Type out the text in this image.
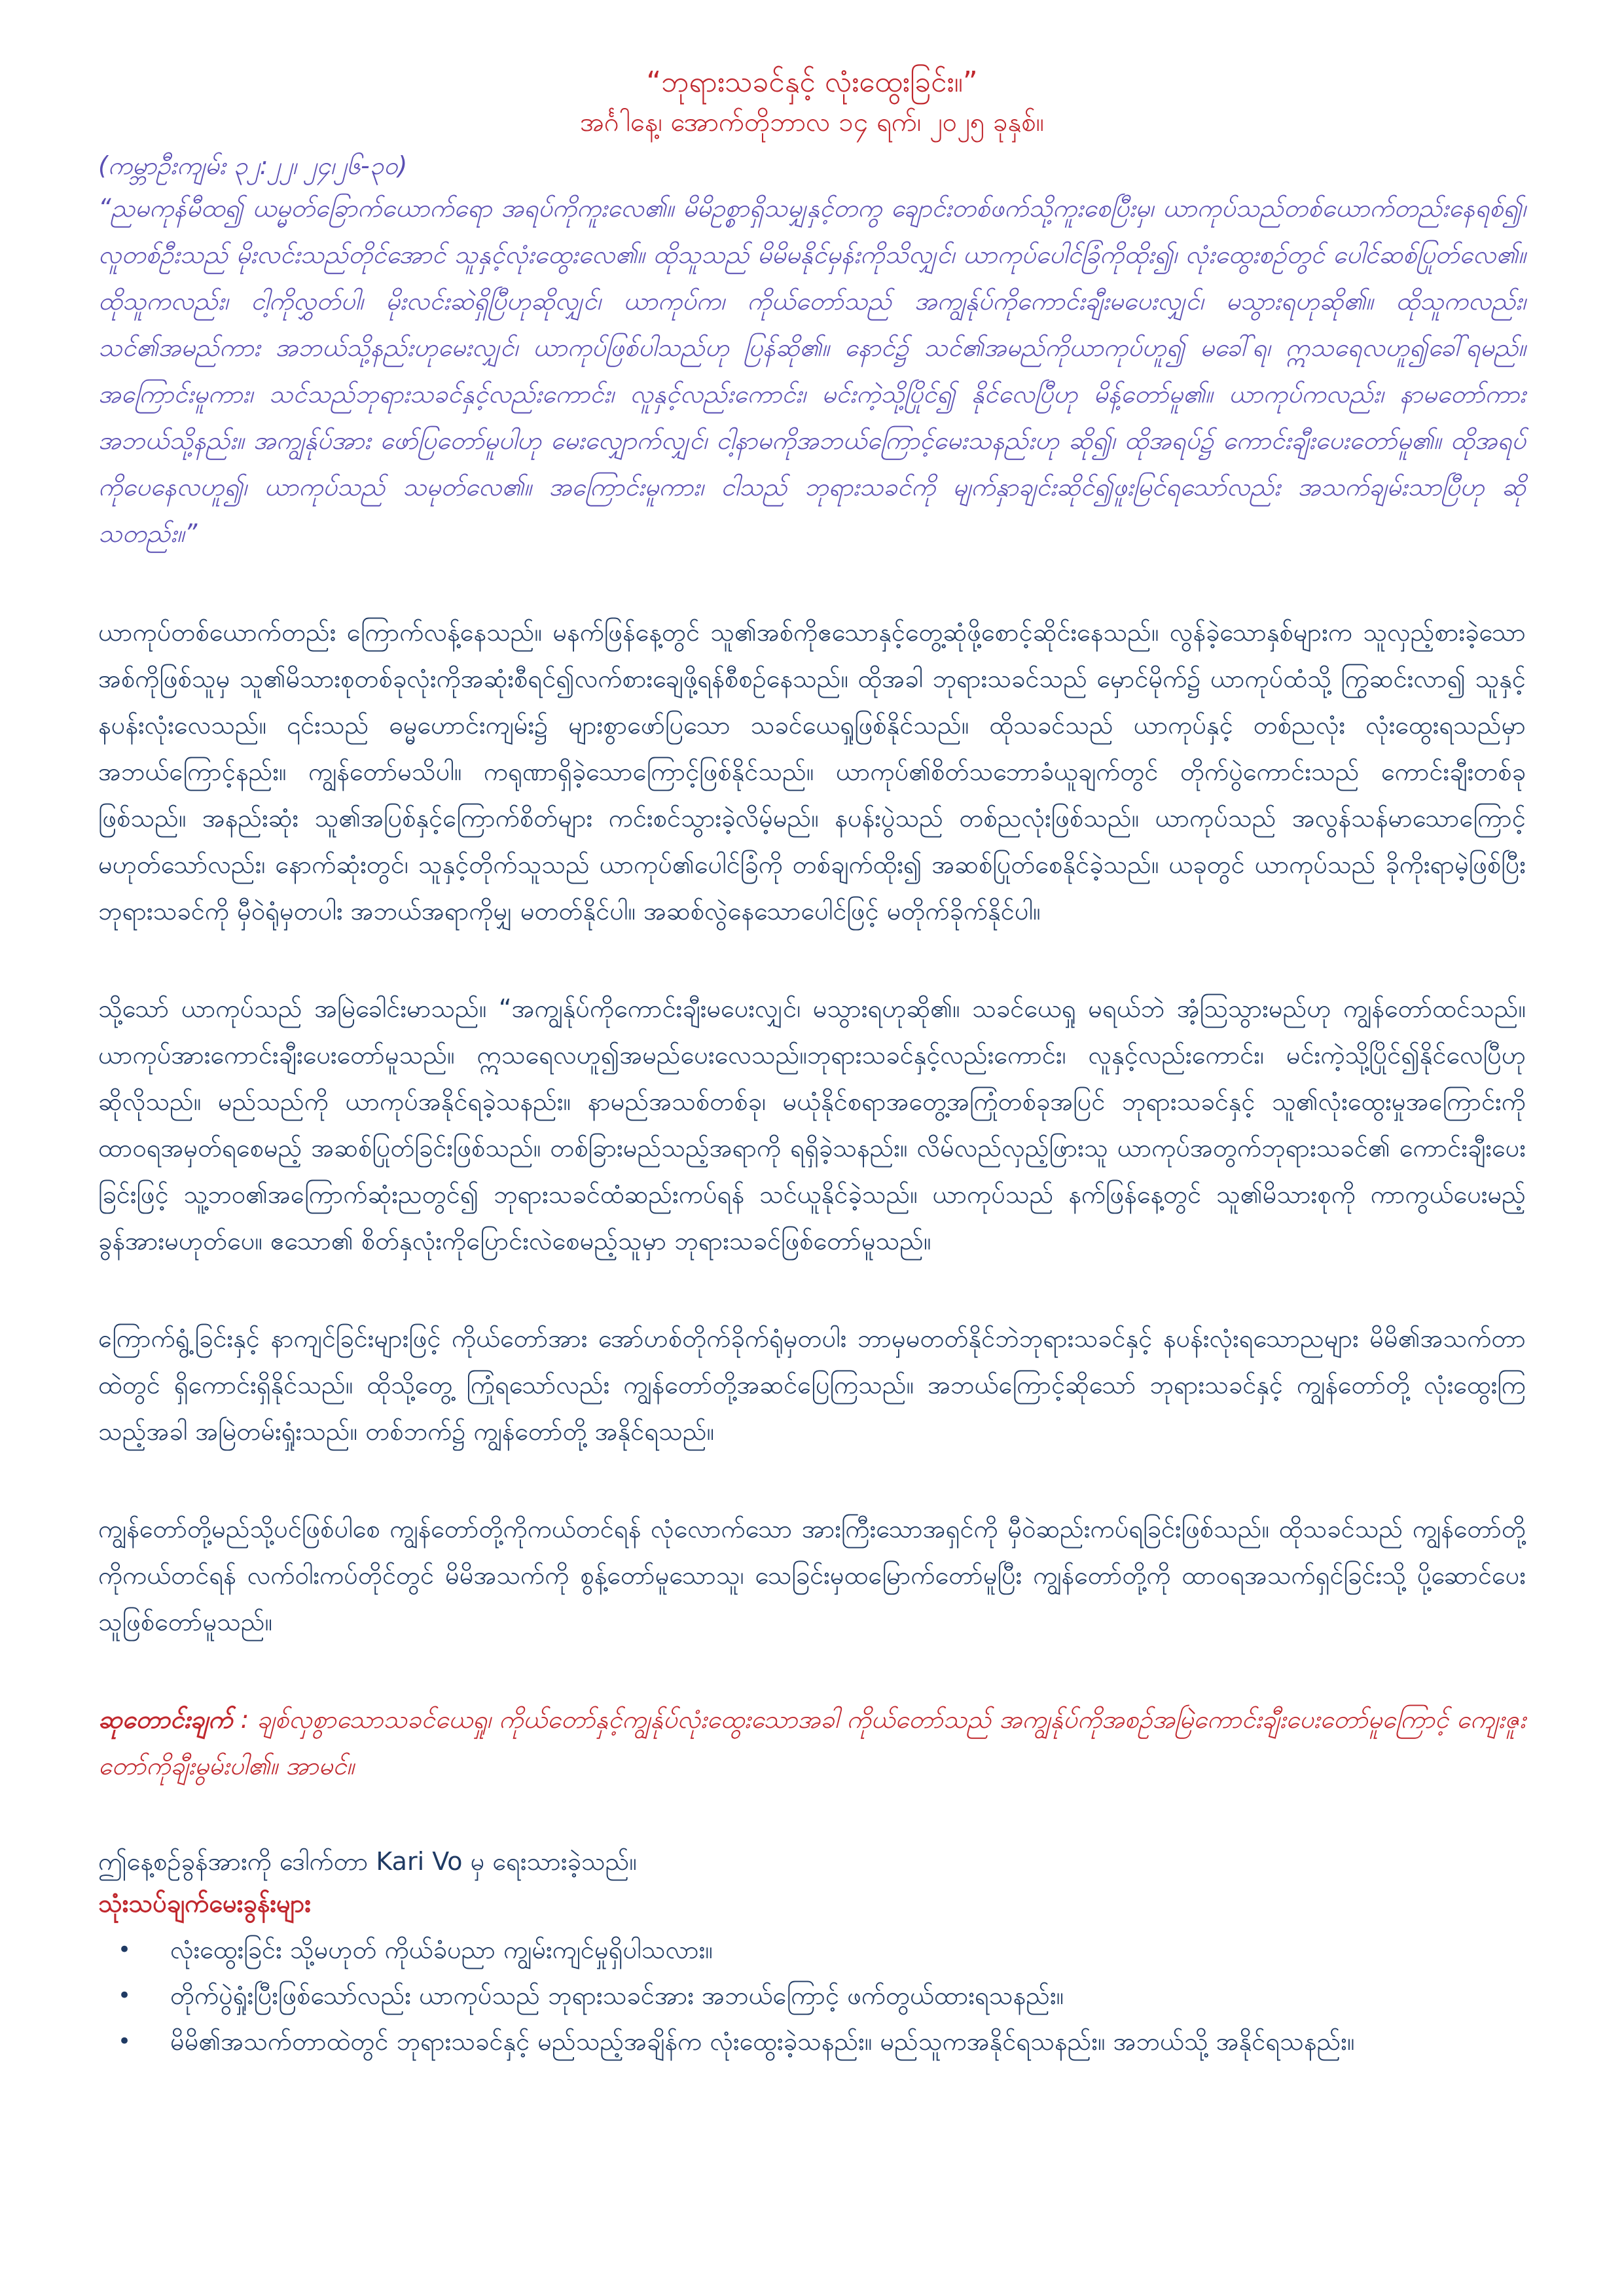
“ဘုရားသခင်နှင့် လုံးထွေးခြင်း။”

အင်္ဂါနေ့၊ အောက်တိုဘာလ ၁၄ ရက်၊ ၂၀၂၅ ခုနှစ်။

(ကမ္ဘာဦးကျမ်း ၃၂:၂၂၊ ၂၄၊၂၆-၃၀)

“ညမကုန်မီထ၍ ယမ္မတ်ခြောက်ယောက်ရော အရပ်ကိုကူးလေ၏။ မိမိဥစ္စာရှိသမျှနှင့်တကွ ချောင်းတစ်ဖက်သို့ကူးစေပြီးမှ၊ ယာကုပ်သည်တစ်ယောက်တည်းနေရစ်၍၊ လူတစ်ဦးသည် မိုးလင်းသည်တိုင်အောင် သူနှင့်လုံးထွေးလေ၏။ ထိုသူသည် မိမိမနိုင်မှန်းကိုသိလျှင်၊ ယာကုပ်ပေါင်ခြံကိုထိုး၍၊ လုံးထွေးစဉ်တွင် ပေါင်ဆစ်ပြုတ်လေ၏။ ထိုသူကလည်း၊ ငါ့ကိုလွှတ်ပါ၊ မိုးလင်းဆဲရှိပြီဟုဆိုလျှင်၊ ယာကုပ်က၊ ကိုယ်တော်သည် အကျွန်ုပ်ကိုကောင်းချီးမပေးလျှင်၊ မသွားရဟုဆို၏။ ထိုသူကလည်း၊ သင်၏အမည်ကား အဘယ်သို့နည်းဟုမေးလျှင်၊ ယာကုပ်ဖြစ်ပါသည်ဟု ပြန်ဆို၏။ နောင်၌ သင်၏အမည်ကိုယာကုပ်ဟူ၍ မခေါ်ရ၊ ဣသရေလဟူ၍ခေါ်ရမည်။ အကြောင်းမူကား၊ သင်သည်ဘုရားသခင်နှင့်လည်းကောင်း၊ လူနှင့်လည်းကောင်း၊ မင်းကဲ့သို့ပြိုင်၍ နိုင်လေပြီဟု မိန့်တော်မူ၏။ ယာကုပ်ကလည်း၊ နာမတော်ကားအဘယ်သို့နည်း။ အကျွန်ုပ်အား ဖော်ပြတော်မူပါဟု မေးလျှောက်လျှင်၊ ငါ့နာမကိုအဘယ်ကြောင့်မေးသနည်းဟု ဆို၍၊ ထိုအရပ်၌ ကောင်းချီးပေးတော်မူ၏။ ထိုအရပ်ကိုပေနေလဟူ၍၊ ယာကုပ်သည် သမုတ်လေ၏။ အကြောင်းမူကား၊ ငါသည် ဘုရားသခင်ကို မျက်နှာချင်းဆိုင်၍ဖူးမြင်ရသော်လည်း အသက်ချမ်းသာပြီဟု ဆိုသတည်း။”

ယာကုပ်တစ်ယောက်တည်း ကြောက်လန့်နေသည်။ မနက်ဖြန်နေ့တွင် သူ၏အစ်ကိုဧသောနှင့်တွေ့ဆုံဖို့စောင့်ဆိုင်းနေသည်။ လွန်ခဲ့သောနှစ်များက သူလှည့်စားခဲ့သော အစ်ကိုဖြစ်သူမှ သူ၏မိသားစုတစ်ခုလုံးကိုအဆုံးစီရင်၍လက်စားချေဖို့ရန်စီစဉ်နေသည်။ ထိုအခါ ဘုရားသခင်သည် မှောင်မိုက်၌ ယာကုပ်ထံသို့ ကြွဆင်းလာ၍ သူနှင့် နပန်းလုံးလေသည်။ ၎င်းသည် ဓမ္မဟောင်းကျမ်း၌ များစွာဖော်ပြသော သခင်ယေရှုဖြစ်နိုင်သည်။ ထိုသခင်သည် ယာကုပ်နှင့် တစ်ညလုံး လုံးထွေးရသည်မှာ အဘယ်ကြောင့်နည်း။ ကျွန်တော်မသိပါ။ ကရုဏာရှိခဲ့သောကြောင့်ဖြစ်နိုင်သည်။ ယာကုပ်၏စိတ်သဘောခံယူချက်တွင် တိုက်ပွဲကောင်းသည် ကောင်းချီးတစ်ခုဖြစ်သည်။ အနည်းဆုံး သူ၏အပြစ်နှင့်ကြောက်စိတ်များ ကင်းစင်သွားခဲ့လိမ့်မည်။ နပန်းပွဲသည် တစ်ညလုံးဖြစ်သည်။ ယာကုပ်သည် အလွန်သန်မာသောကြောင့်မဟုတ်သော်လည်း၊ နောက်ဆုံးတွင်၊ သူနှင့်တိုက်သူသည် ယာကုပ်၏ပေါင်ခြံကို တစ်ချက်ထိုး၍ အဆစ်ပြုတ်စေနိုင်ခဲ့သည်။ ယခုတွင် ယာကုပ်သည် ခိုကိုးရာမဲ့ဖြစ်ပြီး ဘုရားသခင်ကို မှီဝဲရုံမှတပါး အဘယ်အရာကိုမျှ မတတ်နိုင်ပါ။ အဆစ်လွဲနေသောပေါင်ဖြင့် မတိုက်ခိုက်နိုင်ပါ။

သို့သော် ယာကုပ်သည် အမြဲခေါင်းမာသည်။ “အကျွန်ုပ်ကိုကောင်းချီးမပေးလျှင်၊ မသွားရဟုဆို၏။ သခင်ယေရှု မရယ်ဘဲ အံ့သြသွားမည်ဟု ကျွန်တော်ထင်သည်။ ယာကုပ်အားကောင်းချီးပေးတော်မူသည်။ ဣသရေလဟူ၍အမည်ပေးလေသည်။ဘုရားသခင်နှင့်လည်းကောင်း၊ လူနှင့်လည်းကောင်း၊ မင်းကဲ့သို့ပြိုင်၍နိုင်လေပြီဟု ဆိုလိုသည်။ မည်သည်ကို ယာကုပ်အနိုင်ရခဲ့သနည်း။ နာမည်အသစ်တစ်ခု၊ မယုံနိုင်စရာအတွေ့အကြုံတစ်ခုအပြင် ဘုရားသခင်နှင့် သူ၏လုံးထွေးမှုအကြောင်းကို ထာဝရအမှတ်ရစေမည့် အဆစ်ပြုတ်ခြင်းဖြစ်သည်။ တစ်ခြားမည်သည့်အရာကို ရရှိခဲ့သနည်း။ လိမ်လည်လှည့်ဖြားသူ ယာကုပ်အတွက်ဘုရားသခင်၏ ကောင်းချီးပေးခြင်းဖြင့် သူ့ဘဝ၏အကြောက်ဆုံးညတွင်၍ ဘုရားသခင်ထံဆည်းကပ်ရန် သင်ယူနိုင်ခဲ့သည်။ ယာကုပ်သည် နက်ဖြန်နေ့တွင် သူ၏မိသားစုကို ကာကွယ်ပေးမည့် ခွန်အားမဟုတ်ပေ။ ဧသော၏ စိတ်နှလုံးကိုပြောင်းလဲစေမည့်သူမှာ ဘုရားသခင်ဖြစ်တော်မူသည်။

ကြောက်ရွံ့ခြင်းနှင့် နာကျင်ခြင်းများဖြင့် ကိုယ်တော်အား အော်ဟစ်တိုက်ခိုက်ရုံမှတပါး ဘာမှမတတ်နိုင်ဘဲဘုရားသခင်နှင့် နပန်းလုံးရသောညများ မိမိ၏အသက်တာထဲတွင် ရှိကောင်းရှိနိုင်သည်။ ထိုသို့တွေ့ ကြုံရသော်လည်း ကျွန်တော်တို့အဆင်ပြေကြသည်။ အဘယ်ကြောင့်ဆိုသော် ဘုရားသခင်နှင့် ကျွန်တော်တို့ လုံးထွေးကြသည့်အခါ အမြဲတမ်းရှုံးသည်။ တစ်ဘက်၌ ကျွန်တော်တို့ အနိုင်ရသည်။

ကျွန်တော်တို့မည်သို့ပင်ဖြစ်ပါစေ ကျွန်တော်တို့ကိုကယ်တင်ရန် လုံလောက်သော အားကြီးသောအရှင်ကို မှီဝဲဆည်းကပ်ရခြင်းဖြစ်သည်။ ထိုသခင်သည် ကျွန်တော်တို့ကိုကယ်တင်ရန် လက်ဝါးကပ်တိုင်တွင် မိမိအသက်ကို စွန့်တော်မူသောသူ၊ သေခြင်းမှထမြောက်တော်မူပြီး ကျွန်တော်တို့ကို ထာဝရအသက်ရှင်ခြင်းသို့ ပို့ဆောင်ပေးသူဖြစ်တော်မူသည်။

ဆုတောင်းချက် : ချစ်လှစွာသောသခင်ယေရှု၊ ကိုယ်တော်နှင့်ကျွန်ုပ်လုံးထွေးသောအခါ ကိုယ်တော်သည် အကျွန်ုပ်ကိုအစဉ်အမြဲကောင်းချီးပေးတော်မူကြောင့် ကျေးဇူးတော်ကိုချီးမွမ်းပါ၏။ အာမင်။

ဤနေ့စဉ်ခွန်အားကို ဒေါက်တာ Kari Vo မှ ရေးသားခဲ့သည်။

သုံးသပ်ချက်မေးခွန်းများ

• လုံးထွေးခြင်း သို့မဟုတ် ကိုယ်ခံပညာ ကျွမ်းကျင်မှုရှိပါသလား။
• တိုက်ပွဲရှုံးပြီးဖြစ်သော်လည်း ယာကုပ်သည် ဘုရားသခင်အား အဘယ်ကြောင့် ဖက်တွယ်ထားရသနည်း။
• မိမိ၏အသက်တာထဲတွင် ဘုရားသခင်နှင့် မည်သည့်အချိန်က လုံးထွေးခဲ့သနည်း။ မည်သူကအနိုင်ရသနည်း။ အဘယ်သို့ အနိုင်ရသနည်း။
